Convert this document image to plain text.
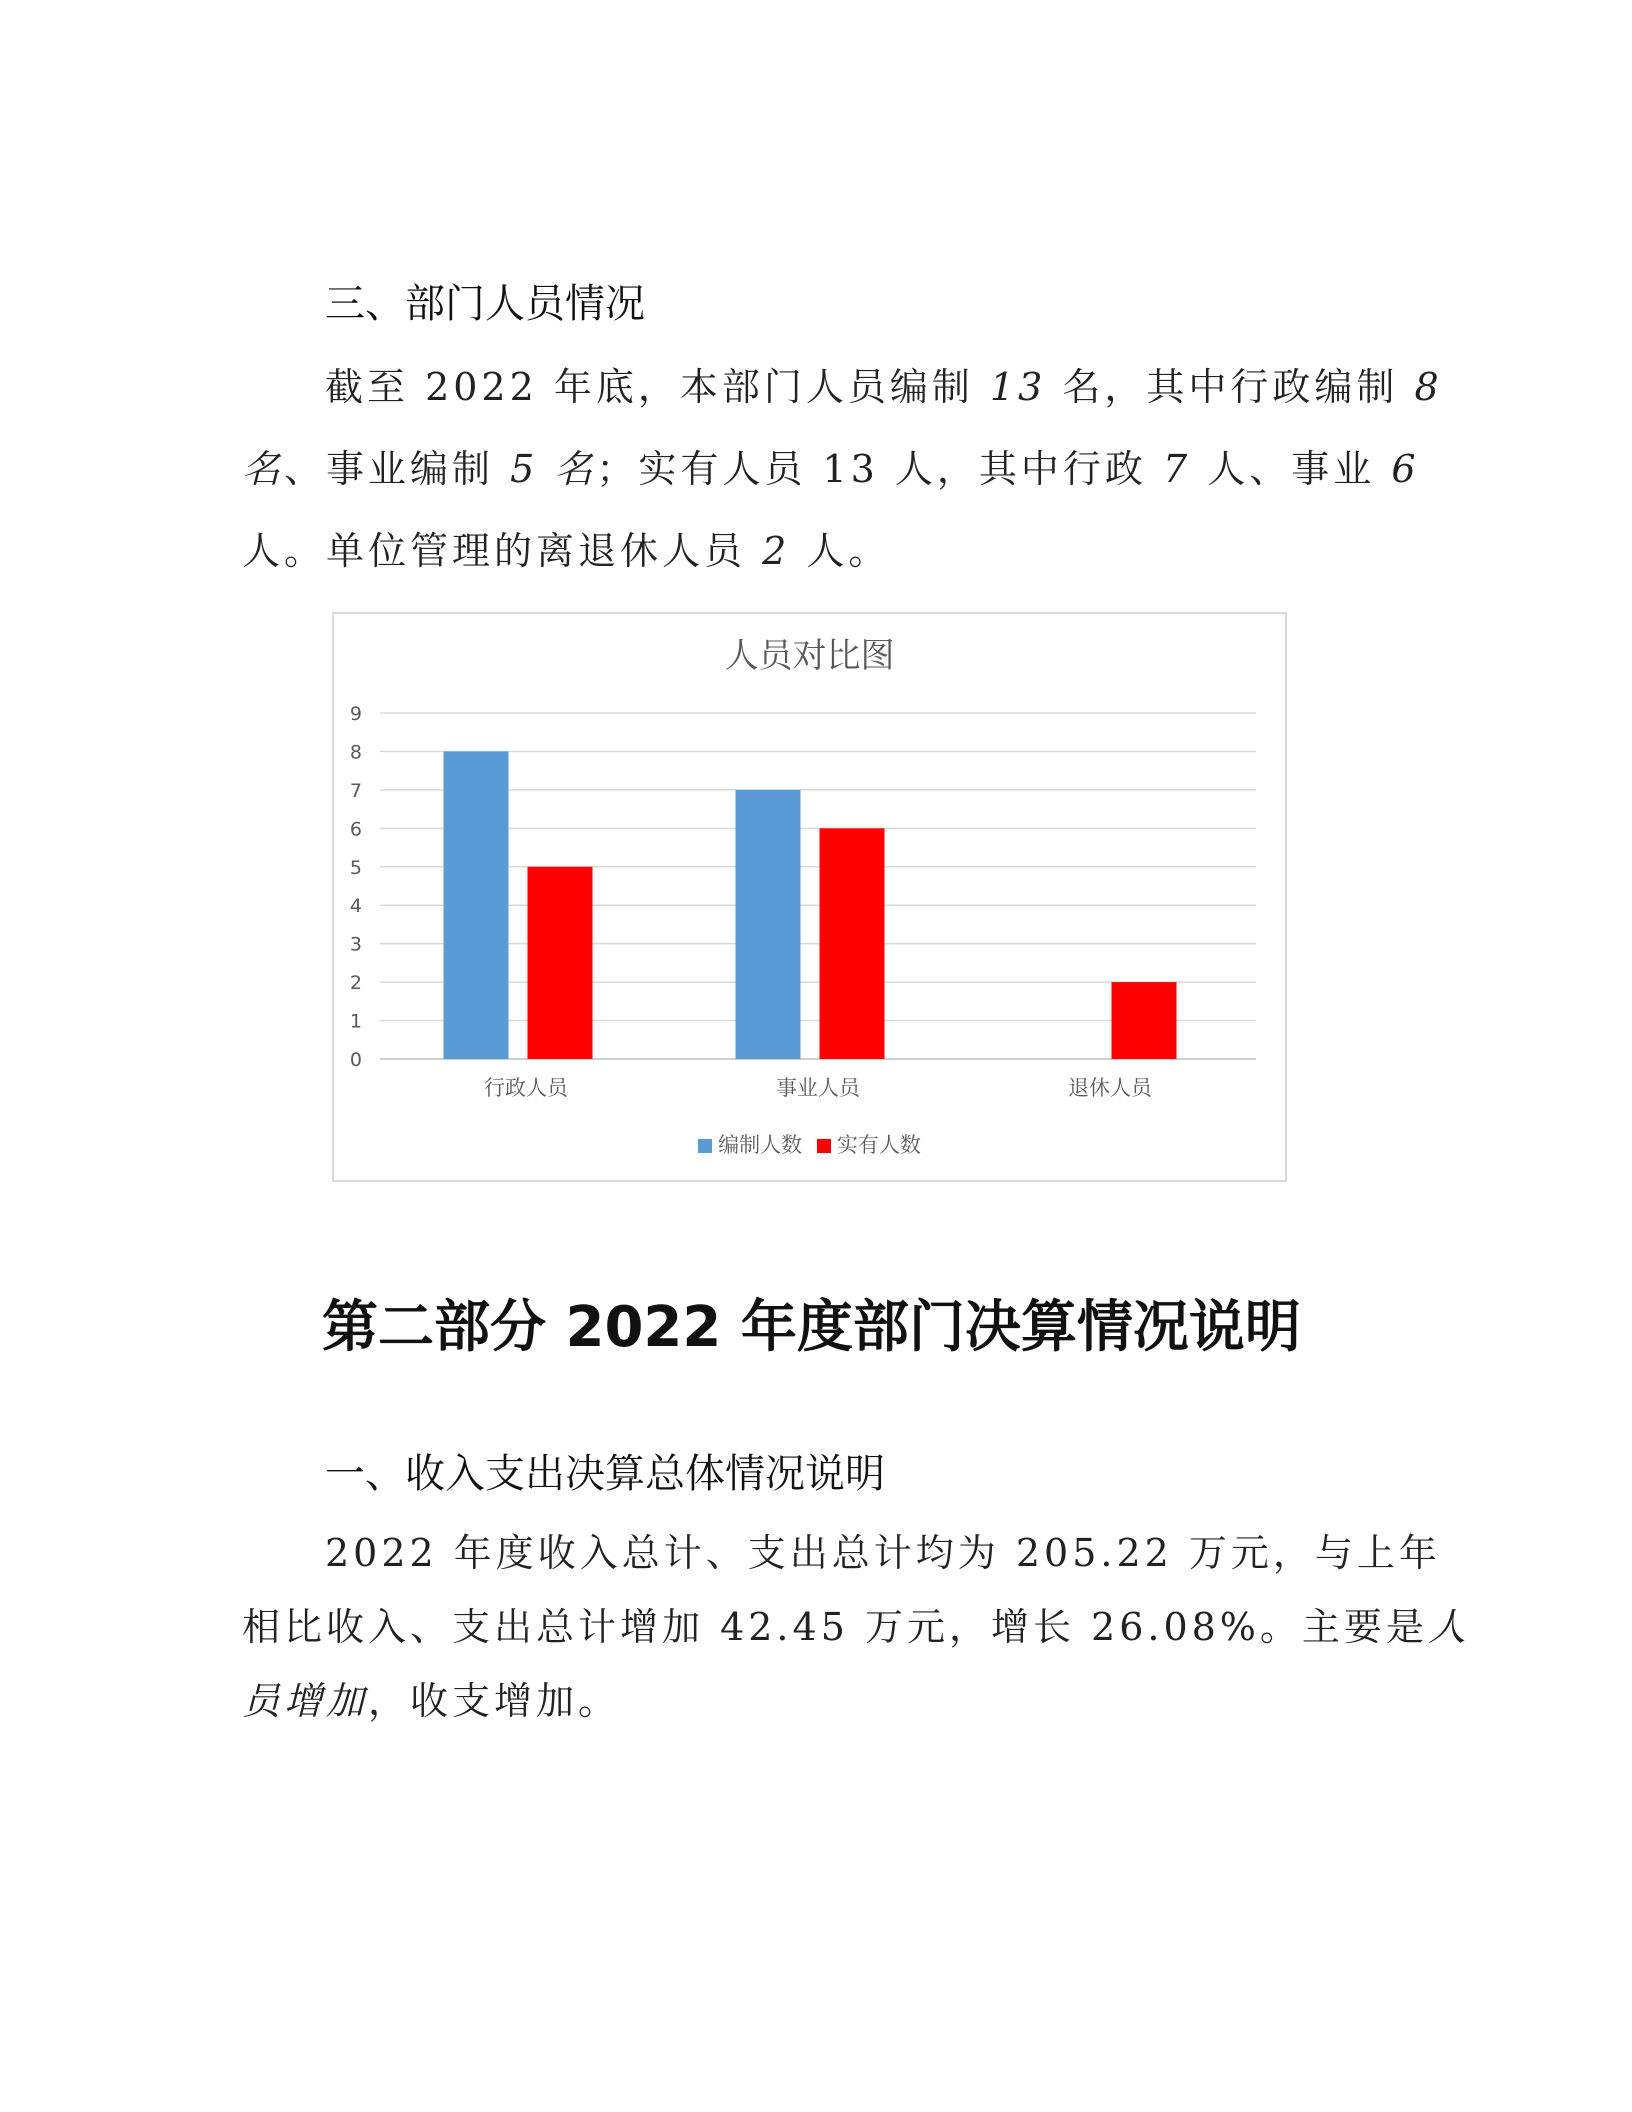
三、部门人员情况
截至 2022 年底，本部门人员编制 13 名，其中行政编制 8
名、事业编制 5 名；实有人员 13 人，其中行政 7 人、事业 6
人。单位管理的离退休人员 2 人。
人员对比图
0
1
2
3
4
5
6
7
8
9
行政人员	事业人员	退休人员
编制人数 实有人数
第二部分 2022 年度部门决算情况说明
一、收入支出决算总体情况说明
2022 年度收入总计、支出总计均为 205.22 万元，与上年
相比收入、支出总计增加 42.45 万元，增长 26.08%。主要是人
员增加，收支增加。
